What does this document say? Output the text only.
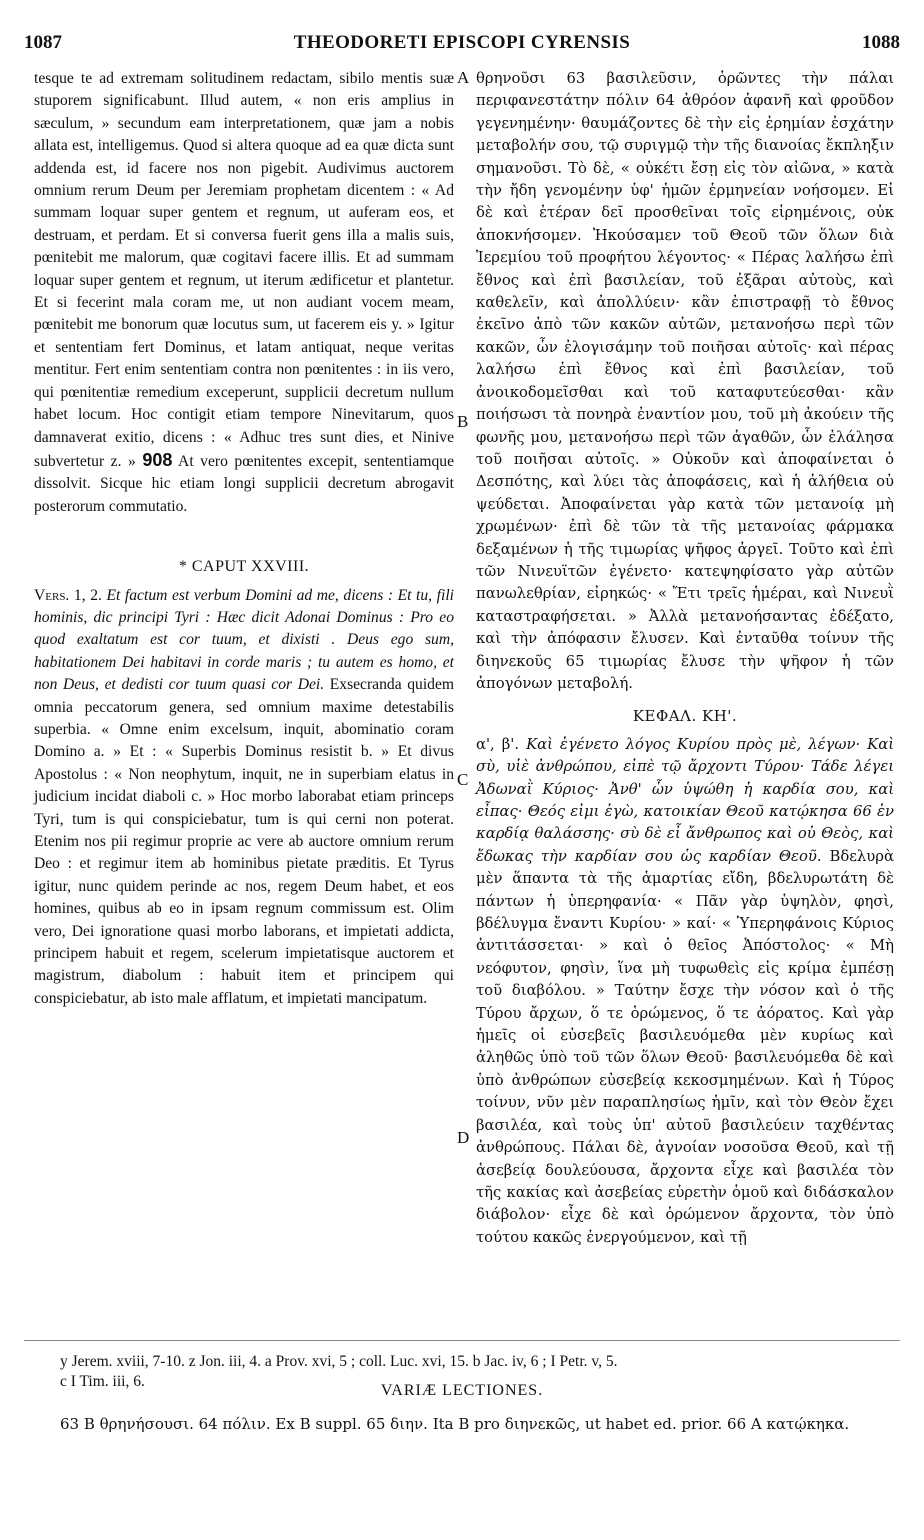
1087	THEODORETI EPISCOPI CYRENSIS	1088

tesque te ad extremam solitudinem redactam, sibilo mentis suæ stuporem significabunt. Illud autem, « non eris amplius in sæculum, » secundum eam interpretationem, quæ jam a nobis allata est, intelligemus. Quod si altera quoque ad ea quæ dicta sunt addenda est, id facere nos non pigebit. Audivimus auctorem omnium rerum Deum per Jeremiam prophetam dicentem : « Ad summam loquar super gentem et regnum, ut auferam eos, et destruam, et perdam. Et si conversa fuerit gens illa a malis suis, pœnitebit me malorum, quæ cogitavi facere illis. Et ad summam loquar super gentem et regnum, ut iterum ædificetur et plantetur. Et si fecerint mala coram me, ut non audiant vocem meam, pœnitebit me bonorum quæ locutus sum, ut facerem eis y. » Igitur et sententiam fert Dominus, et latam antiquat, neque veritas mentitur. Fert enim sententiam contra non pœnitentes : in iis vero, qui pœnitentiæ remedium exceperunt, supplicii decretum nullum habet locum. Hoc contigit etiam tempore Ninevitarum, quos damnaverat exitio, dicens : « Adhuc tres sunt dies, et Ninive subvertetur z. » 908 At vero pœnitentes excepit, sententiamque dissolvit. Sicque hic etiam longi supplicii decretum abrogavit posterorum commutatio.

* CAPUT XXVIII.

Vers. 1, 2. Et factum est verbum Domini ad me, dicens : Et tu, fili hominis, dic principi Tyri : Hæc dicit Adonai Dominus : Pro eo quod exaltatum est cor tuum, et dixisti . Deus ego sum, habitationem Dei habitavi in corde maris ; tu autem es homo, et non Deus, et dedisti cor tuum quasi cor Dei. Exsecranda quidem omnia peccatorum genera, sed omnium maxime detestabilis superbia. « Omne enim excelsum, inquit, abominatio coram Domino a. » Et : « Superbis Dominus resistit b. » Et divus Apostolus : « Non neophytum, inquit, ne in superbiam elatus in judicium incidat diaboli c. » Hoc morbo laborabat etiam princeps Tyri, tum is qui conspiciebatur, tum is qui cerni non poterat. Etenim nos pii regimur proprie ac vere ab auctore omnium rerum Deo : et regimur item ab hominibus pietate præditis. Et Tyrus igitur, nunc quidem perinde ac nos, regem Deum habet, et eos homines, quibus ab eo in ipsam regnum commissum est. Olim vero, Dei ignoratione quasi morbo laborans, et impietati addicta, principem habuit et regem, scelerum impietatisque auctorem et magistrum, diabolum : habuit item et principem qui conspiciebatur, ab isto male afflatum, et impietati mancipatum.

θρηνοῦσι 63 βασιλεῦσιν, ὁρῶντες τὴν πάλαι περιφανεστάτην πόλιν 64 ἀθρόον ἀφανῆ καὶ φροῦδον γεγενημένην· θαυμάζοντες δὲ τὴν εἰς ἐρημίαν ἐσχάτην μεταβολήν σου, τῷ συριγμῷ τὴν τῆς διανοίας ἔκπληξιν σημανοῦσι. Τὸ δὲ, « οὐκέτι ἔσῃ εἰς τὸν αἰῶνα, » κατὰ τὴν ἤδη γενομένην ὑφ' ἡμῶν ἑρμηνείαν νοήσομεν. Εἰ δὲ καὶ ἑτέραν δεῖ προσθεῖναι τοῖς εἰρημένοις, οὐκ ἀποκνήσομεν. Ἠκούσαμεν τοῦ Θεοῦ τῶν ὅλων διὰ Ἱερεμίου τοῦ προφήτου λέγοντος· « Πέρας λαλήσω ἐπὶ ἔθνος καὶ ἐπὶ βασιλείαν, τοῦ ἐξᾶραι αὐτοὺς, καὶ καθελεῖν, καὶ ἀπολλύειν· κἂν ἐπιστραφῇ τὸ ἔθνος ἐκεῖνο ἀπὸ τῶν κακῶν αὐτῶν, μετανοήσω περὶ τῶν κακῶν, ὧν ἐλογισάμην τοῦ ποιῆσαι αὐτοῖς· καὶ πέρας λαλήσω ἐπὶ ἔθνος καὶ ἐπὶ βασιλείαν, τοῦ ἀνοικοδομεῖσθαι καὶ τοῦ καταφυτεύεσθαι· κἂν ποιήσωσι τὰ πονηρὰ ἐναντίον μου, τοῦ μὴ ἀκούειν τῆς φωνῆς μου, μετανοήσω περὶ τῶν ἀγαθῶν, ὧν ἐλάλησα τοῦ ποιῆσαι αὐτοῖς. » Οὐκοῦν καὶ ἀποφαίνεται ὁ Δεσπότης, καὶ λύει τὰς ἀποφάσεις, καὶ ἡ ἀλήθεια οὐ ψεύδεται. Ἀποφαίνεται γὰρ κατὰ τῶν μετανοίᾳ μὴ χρωμένων· ἐπὶ δὲ τῶν τὰ τῆς μετανοίας φάρμακα δεξαμένων ἡ τῆς τιμωρίας ψῆφος ἀργεῖ. Τοῦτο καὶ ἐπὶ τῶν Νινευϊτῶν ἐγένετο· κατεψηφίσατο γὰρ αὐτῶν πανωλεθρίαν, εἰρηκώς· « Ἔτι τρεῖς ἡμέραι, καὶ Νινευῒ καταστραφήσεται. » Ἀλλὰ μετανοήσαντας ἐδέξατο, καὶ τὴν ἀπόφασιν ἔλυσεν. Καὶ ἐνταῦθα τοίνυν τῆς διηνεκοῦς 65 τιμωρίας ἔλυσε τὴν ψῆφον ἡ τῶν ἀπογόνων μεταβολή.

ΚΕΦΑΛ. ΚΗ'.

α', β'. Καὶ ἐγένετο λόγος Κυρίου πρὸς μὲ, λέγων· Καὶ σὺ, υἱὲ ἀνθρώπου, εἰπὲ τῷ ἄρχοντι Τύρου· Τάδε λέγει Ἀδωναῒ Κύριος· Ἀνθ' ὧν ὑψώθη ἡ καρδία σου, καὶ εἶπας· Θεός εἰμι ἐγὼ, κατοικίαν Θεοῦ κατῴκησα 66 ἐν καρδίᾳ θαλάσσης· σὺ δὲ εἶ ἄνθρωπος καὶ οὐ Θεὸς, καὶ ἔδωκας τὴν καρδίαν σου ὡς καρδίαν Θεοῦ. Βδελυρὰ μὲν ἅπαντα τὰ τῆς ἁμαρτίας εἴδη, βδελυρωτάτη δὲ πάντων ἡ ὑπερηφανία· « Πᾶν γὰρ ὑψηλὸν, φησὶ, βδέλυγμα ἔναντι Κυρίου· » καί· « Ὑπερηφάνοις Κύριος ἀντιτάσσεται· » καὶ ὁ θεῖος Ἀπόστολος· « Μὴ νεόφυτον, φησὶν, ἵνα μὴ τυφωθεὶς εἰς κρίμα ἐμπέσῃ τοῦ διαβόλου. » Ταύτην ἔσχε τὴν νόσον καὶ ὁ τῆς Τύρου ἄρχων, ὅ τε ὁρώμενος, ὅ τε ἀόρατος. Καὶ γὰρ ἡμεῖς οἱ εὐσεβεῖς βασιλευόμεθα μὲν κυρίως καὶ ἀληθῶς ὑπὸ τοῦ τῶν ὅλων Θεοῦ· βασιλευόμεθα δὲ καὶ ὑπὸ ἀνθρώπων εὐσεβείᾳ κεκοσμημένων. Καὶ ἡ Τύρος τοίνυν, νῦν μὲν παραπλησίως ἡμῖν, καὶ τὸν Θεὸν ἔχει βασιλέα, καὶ τοὺς ὑπ' αὐτοῦ βασιλεύειν ταχθέντας ἀνθρώπους. Πάλαι δὲ, ἀγνοίαν νοσοῦσα Θεοῦ, καὶ τῇ ἀσεβείᾳ δουλεύουσα, ἄρχοντα εἶχε καὶ βασιλέα τὸν τῆς κακίας καὶ ἀσεβείας εὑρετὴν ὁμοῦ καὶ διδάσκαλον διάβολον· εἶχε δὲ καὶ ὁρώμενον ἄρχοντα, τὸν ὑπὸ τούτου κακῶς ἐνεργούμενον, καὶ τῇ

A
B
C
D
y Jerem. xviii, 7-10. z Jon. iii, 4. a Prov. xvi, 5 ; coll. Luc. xvi, 15. b Jac. iv, 6 ; I Petr. v, 5.
c I Tim. iii, 6.
VARIÆ LECTIONES.
63 B θρηνήσουσι. 64 πόλιν. Ex B suppl. 65 διην. Ita B pro διηνεκῶς, ut habet ed. prior. 66 A κατῴκηκα.
